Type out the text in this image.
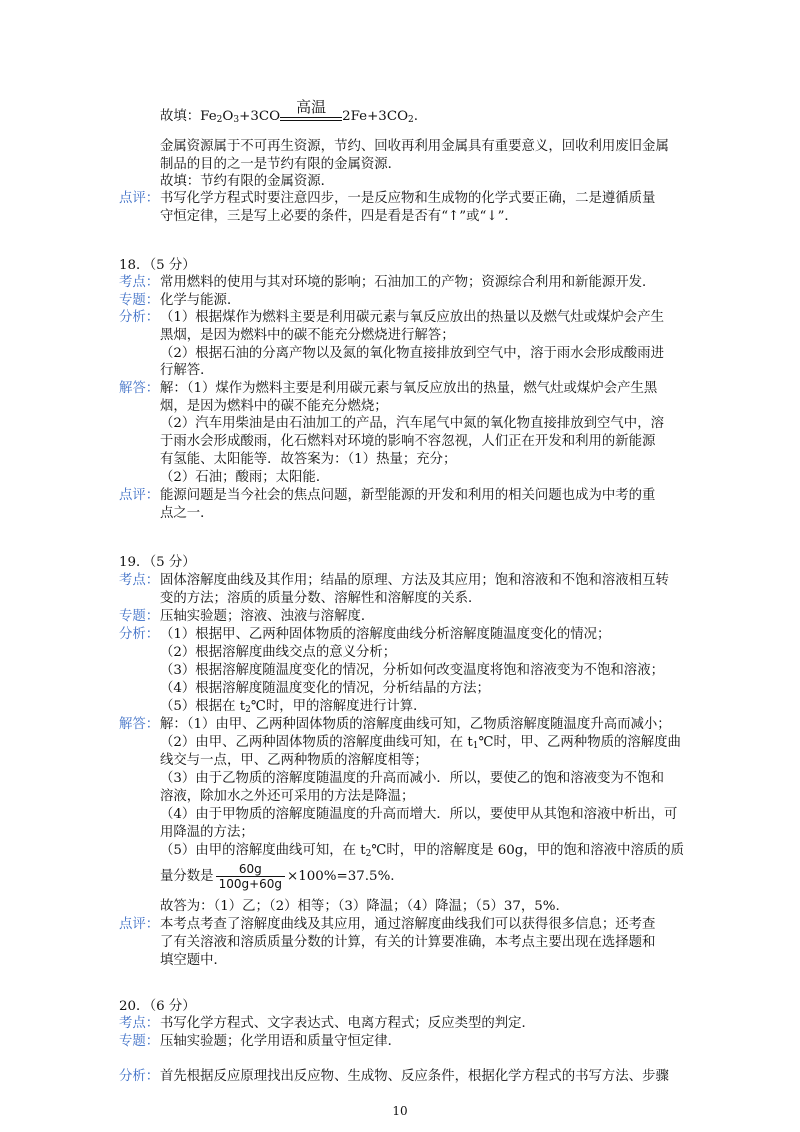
故填：$Fe_2O_3+3CO$
高温
$2Fe+3CO_2$.
金属资源属于不可再生资源，节约、回收再利用金属具有重要意义，回收利用废旧金属
制品的目的之一是节约有限的金属资源．
故填：节约有限的金属资源．
点评： 书写化学方程式时要注意四步，一是反应物和生成物的化学式要正确，二是遵循质量
守恒定律，三是写上必要的条件，四是看是否有“↑”或“↓”．
18．（5 分）
考点： 常用燃料的使用与其对环境的影响；石油加工的产物；资源综合利用和新能源开发．
专题： 化学与能源．
分析： （1）根据煤作为燃料主要是利用碳元素与氧反应放出的热量以及燃气灶或煤炉会产生
黑烟，是因为燃料中的碳不能充分燃烧进行解答；
（2）根据石油的分离产物以及氮的氧化物直接排放到空气中，溶于雨水会形成酸雨进
行解答．
解答： 解：（1）煤作为燃料主要是利用碳元素与氧反应放出的热量，燃气灶或煤炉会产生黑
烟，是因为燃料中的碳不能充分燃烧；
（2）汽车用柴油是由石油加工的产品，汽车尾气中氮的氧化物直接排放到空气中，溶
于雨水会形成酸雨，化石燃料对环境的影响不容忽视，人们正在开发和利用的新能源
有氢能、太阳能等．故答案为：（1）热量；充分；
（2）石油；酸雨；太阳能．
点评： 能源问题是当今社会的焦点问题，新型能源的开发和利用的相关问题也成为中考的重
点之一．
19．（5 分）
考点： 固体溶解度曲线及其作用；结晶的原理、方法及其应用；饱和溶液和不饱和溶液相互转
变的方法；溶质的质量分数、溶解性和溶解度的关系．
专题： 压轴实验题；溶液、浊液与溶解度．
分析： （1）根据甲、乙两种固体物质的溶解度曲线分析溶解度随温度变化的情况；
（2）根据溶解度曲线交点的意义分析；
（3）根据溶解度随温度变化的情况，分析如何改变温度将饱和溶液变为不饱和溶液；
（4）根据溶解度随温度变化的情况，分析结晶的方法；
（5）根据在 $t_2℃$时，甲的溶解度进行计算．
解答： 解：（1）由甲、乙两种固体物质的溶解度曲线可知，乙物质溶解度随温度升高而减小；
（2）由甲、乙两种固体物质的溶解度曲线可知，在 $t_1℃$时，甲、乙两种物质的溶解度曲
线交与一点，甲、乙两种物质的溶解度相等；
（3）由于乙物质的溶解度随温度的升高而减小．所以，要使乙的饱和溶液变为不饱和
溶液，除加水之外还可采用的方法是降温；
（4）由于甲物质的溶解度随温度的升高而增大．所以，要使甲从其饱和溶液中析出，可
用降温的方法；
（5）由甲的溶解度曲线可知，在 $t_2℃$时，甲的溶解度是 60g，甲的饱和溶液中溶质的质
量分数是 $\frac{60g}{100g+60g} \times 100\%=37.5\%$.
故答为：（1）乙；（2）相等；（3）降温；（4）降温；（5）37，5%.
点评： 本考点考查了溶解度曲线及其应用，通过溶解度曲线我们可以获得很多信息；还考查
了有关溶液和溶质质量分数的计算，有关的计算要准确，本考点主要出现在选择题和
填空题中．
20．（6 分）
考点： 书写化学方程式、文字表达式、电离方程式；反应类型的判定．
专题： 压轴实验题；化学用语和质量守恒定律．
分析： 首先根据反应原理找出反应物、生成物、反应条件，根据化学方程式的书写方法、步骤
10
